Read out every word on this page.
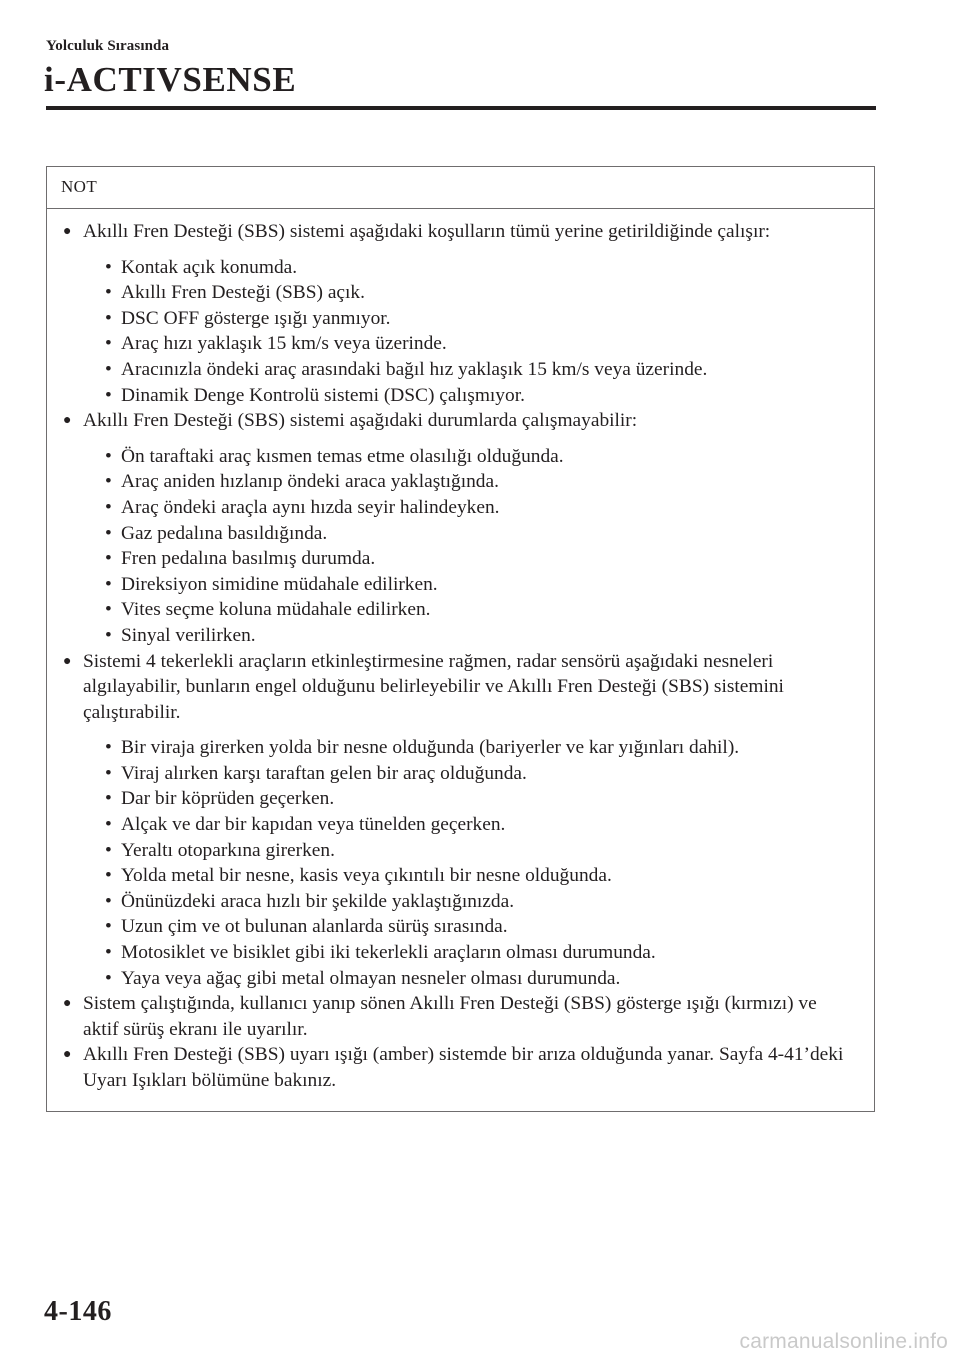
Yolculuk Sırasında
i-ACTIVSENSE
NOT
● Akıllı Fren Desteği (SBS) sistemi aşağıdaki koşulların tümü yerine getirildiğinde çalışır:
• Kontak açık konumda.
• Akıllı Fren Desteği (SBS) açık.
• DSC OFF gösterge ışığı yanmıyor.
• Araç hızı yaklaşık 15 km/s veya üzerinde.
• Aracınızla öndeki araç arasındaki bağıl hız yaklaşık 15 km/s veya üzerinde.
• Dinamik Denge Kontrolü sistemi (DSC) çalışmıyor.
● Akıllı Fren Desteği (SBS) sistemi aşağıdaki durumlarda çalışmayabilir:
• Ön taraftaki araç kısmen temas etme olasılığı olduğunda.
• Araç aniden hızlanıp öndeki araca yaklaştığında.
• Araç öndeki araçla aynı hızda seyir halindeyken.
• Gaz pedalına basıldığında.
• Fren pedalına basılmış durumda.
• Direksiyon simidine müdahale edilirken.
• Vites seçme koluna müdahale edilirken.
• Sinyal verilirken.
● Sistemi 4 tekerlekli araçların etkinleştirmesine rağmen, radar sensörü aşağıdaki nesneleri algılayabilir, bunların engel olduğunu belirleyebilir ve Akıllı Fren Desteği (SBS) sistemini çalıştırabilir.
• Bir viraja girerken yolda bir nesne olduğunda (bariyerler ve kar yığınları dahil).
• Viraj alırken karşı taraftan gelen bir araç olduğunda.
• Dar bir köprüden geçerken.
• Alçak ve dar bir kapıdan veya tünelden geçerken.
• Yeraltı otoparkına girerken.
• Yolda metal bir nesne, kasis veya çıkıntılı bir nesne olduğunda.
• Önünüzdeki araca hızlı bir şekilde yaklaştığınızda.
• Uzun çim ve ot bulunan alanlarda sürüş sırasında.
• Motosiklet ve bisiklet gibi iki tekerlekli araçların olması durumunda.
• Yaya veya ağaç gibi metal olmayan nesneler olması durumunda.
● Sistem çalıştığında, kullanıcı yanıp sönen Akıllı Fren Desteği (SBS) gösterge ışığı (kırmızı) ve aktif sürüş ekranı ile uyarılır.
● Akıllı Fren Desteği (SBS) uyarı ışığı (amber) sistemde bir arıza olduğunda yanar. Sayfa 4-41’deki Uyarı Işıkları bölümüne bakınız.
4-146
carmanualsonline.info
